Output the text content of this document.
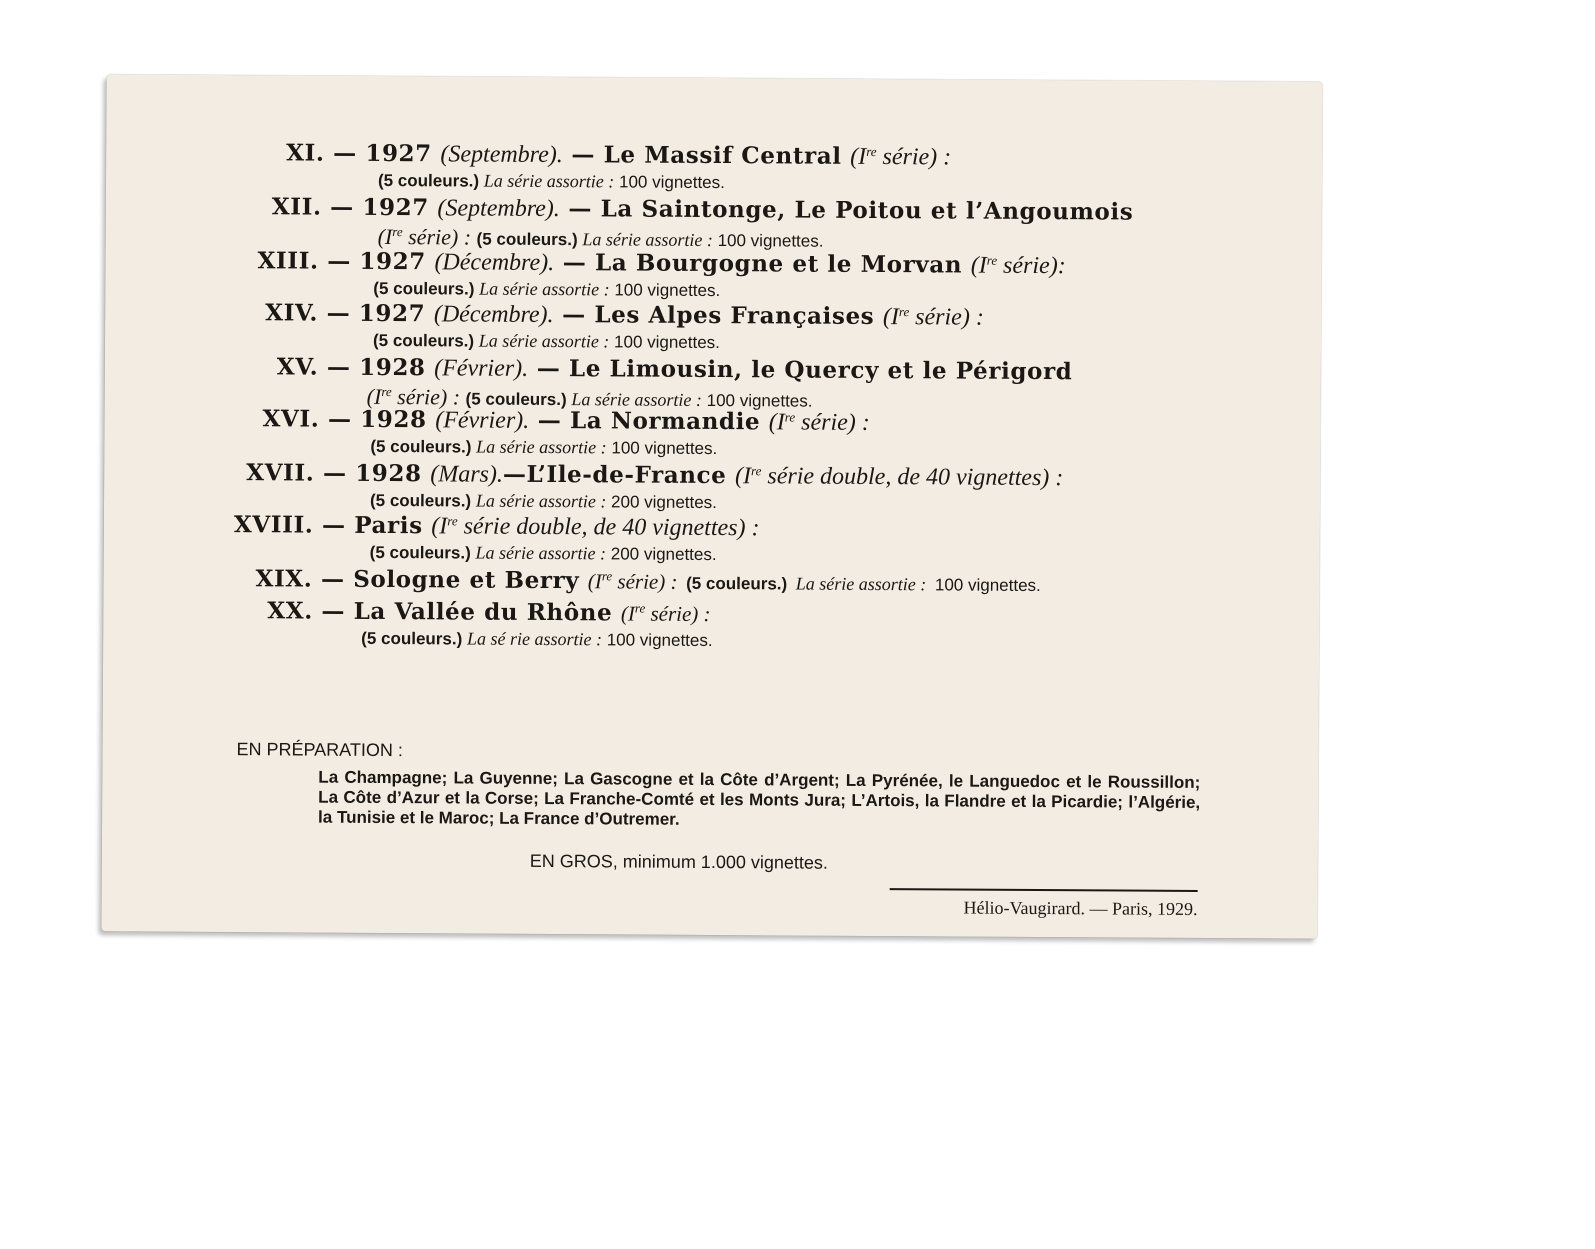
XI. — 1927 (Septembre). — Le Massif Central (Ire série) :
(5 couleurs.) La série assortie : 100 vignettes.
XII. — 1927 (Septembre). — La Saintonge, Le Poitou et l’Angoumois
(Ire série) : (5 couleurs.) La série assortie : 100 vignettes.
XIII. — 1927 (Décembre). — La Bourgogne et le Morvan (Ire série):
(5 couleurs.) La série assortie : 100 vignettes.
XIV. — 1927 (Décembre). — Les Alpes Françaises (Ire série) :
(5 couleurs.) La série assortie : 100 vignettes.
XV. — 1928 (Février). — Le Limousin, le Quercy et le Périgord
(Ire série) : (5 couleurs.) La série assortie : 100 vignettes.
XVI. — 1928 (Février). — La Normandie (Ire série) :
(5 couleurs.) La série assortie : 100 vignettes.
XVII. — 1928 (Mars).—L’Ile-de-France (Ire série double, de 40 vignettes) :
(5 couleurs.) La série assortie : 200 vignettes.
XVIII. — Paris (Ire série double, de 40 vignettes) :
(5 couleurs.) La série assortie : 200 vignettes.
XIX. — Sologne et Berry (Ire série) : (5 couleurs.) La série assortie : 100 vignettes.
XX. — La Vallée du Rhône (Ire série) :
(5 couleurs.) La sé rie assortie : 100 vignettes.
EN PRÉPARATION :
La Champagne; La Guyenne; La Gascogne et la Côte d’Argent; La Pyrénée, le Languedoc et le Roussillon; La Côte d’Azur et la Corse; La Franche-Comté et les Monts Jura; L’Artois, la Flandre et la Picardie; l’Algérie, la Tunisie et le Maroc; La France d’Outremer.
EN GROS, minimum 1.000 vignettes.
Hélio-Vaugirard. — Paris, 1929.
